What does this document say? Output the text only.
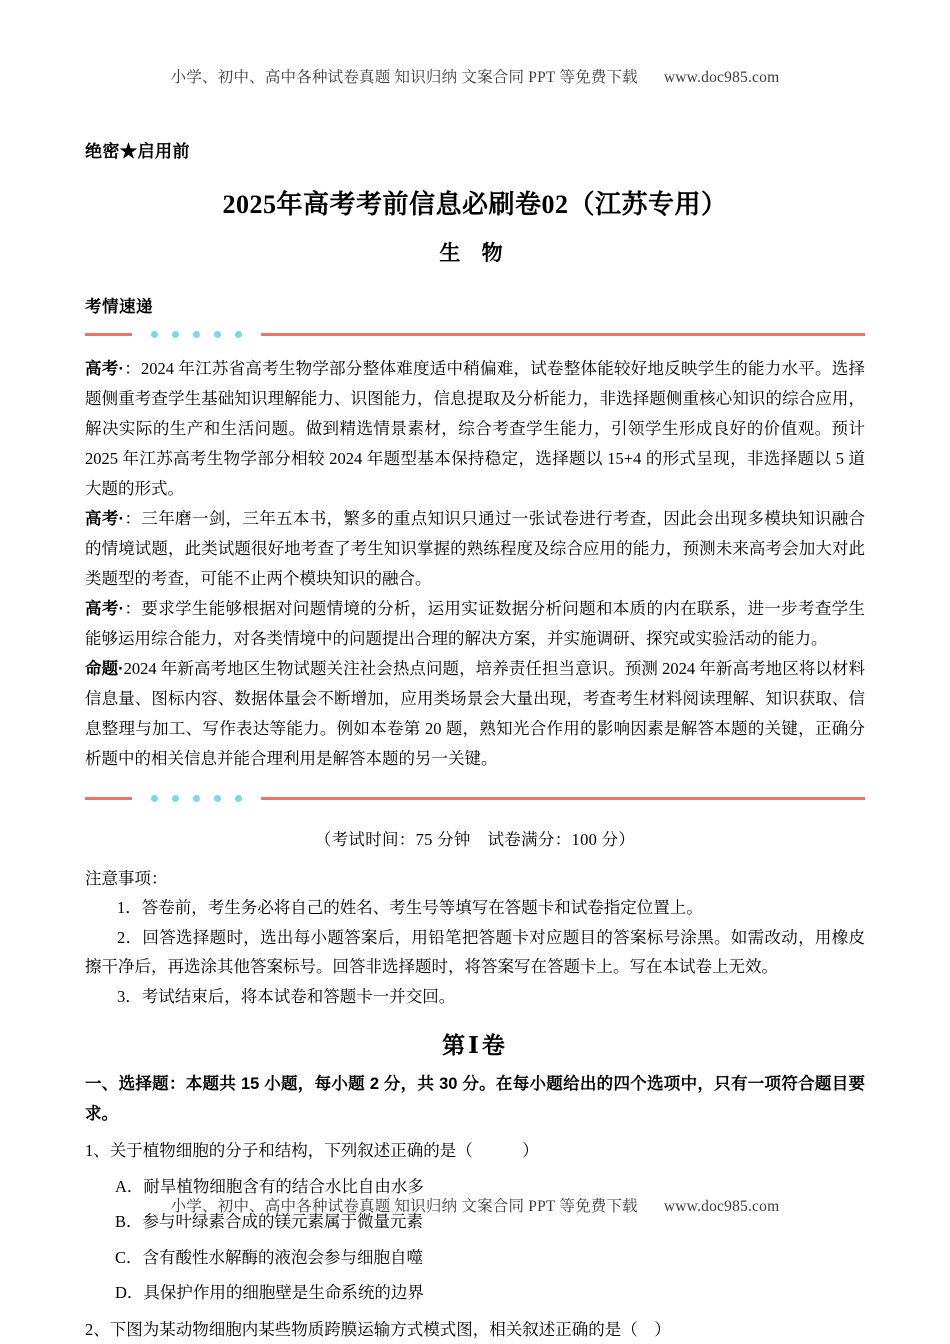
小学、初中、高中各种试卷真题 知识归纳 文案合同 PPT 等免费下载 www.doc985.com
绝密★启用前
2025年高考考前信息必刷卷02（江苏专用）
生 物
考情速递

高考·：2024 年江苏省高考生物学部分整体难度适中稍偏难，试卷整体能较好地反映学生的能力水平。选择题侧重考查学生基础知识理解能力、识图能力，信息提取及分析能力，非选择题侧重核心知识的综合应用，解决实际的生产和生活问题。做到精选情景素材，综合考查学生能力，引领学生形成良好的价值观。预计 2025 年江苏高考生物学部分相较 2024 年题型基本保持稳定，选择题以 15+4 的形式呈现，非选择题以 5 道大题的形式。

高考·：三年磨一剑，三年五本书，繁多的重点知识只通过一张试卷进行考查，因此会出现多模块知识融合的情境试题，此类试题很好地考查了考生知识掌握的熟练程度及综合应用的能力，预测未来高考会加大对此类题型的考查，可能不止两个模块知识的融合。

高考·：要求学生能够根据对问题情境的分析，运用实证数据分析问题和本质的内在联系，进一步考查学生能够运用综合能力，对各类情境中的问题提出合理的解决方案，并实施调研、探究或实验活动的能力。

命题·2024 年新高考地区生物试题关注社会热点问题，培养责任担当意识。预测 2024 年新高考地区将以材料信息量、图标内容、数据体量会不断增加，应用类场景会大量出现，考查考生材料阅读理解、知识获取、信息整理与加工、写作表达等能力。例如本卷第 20 题，熟知光合作用的影响因素是解答本题的关键，正确分析题中的相关信息并能合理利用是解答本题的另一关键。

（考试时间：75 分钟　试卷满分：100 分）
注意事项：

1．答卷前，考生务必将自己的姓名、考生号等填写在答题卡和试卷指定位置上。

2．回答选择题时，选出每小题答案后，用铅笔把答题卡对应题目的答案标号涂黑。如需改动，用橡皮擦干净后，再选涂其他答案标号。回答非选择题时，将答案写在答题卡上。写在本试卷上无效。

3．考试结束后，将本试卷和答题卡一并交回。

第Ⅰ卷
一、选择题：本题共 15 小题，每小题 2 分，共 30 分。在每小题给出的四个选项中，只有一项符合题目要求。
1、关于植物细胞的分子和结构，下列叙述正确的是（　　　）
A．耐旱植物细胞含有的结合水比自由水多
B．参与叶绿素合成的镁元素属于微量元素
C．含有酸性水解酶的液泡会参与细胞自噬
D．具保护作用的细胞壁是生命系统的边界
2、下图为某动物细胞内某些物质跨膜运输方式模式图，相关叙述正确的是（　）
小学、初中、高中各种试卷真题 知识归纳 文案合同 PPT 等免费下载 www.doc985.com
